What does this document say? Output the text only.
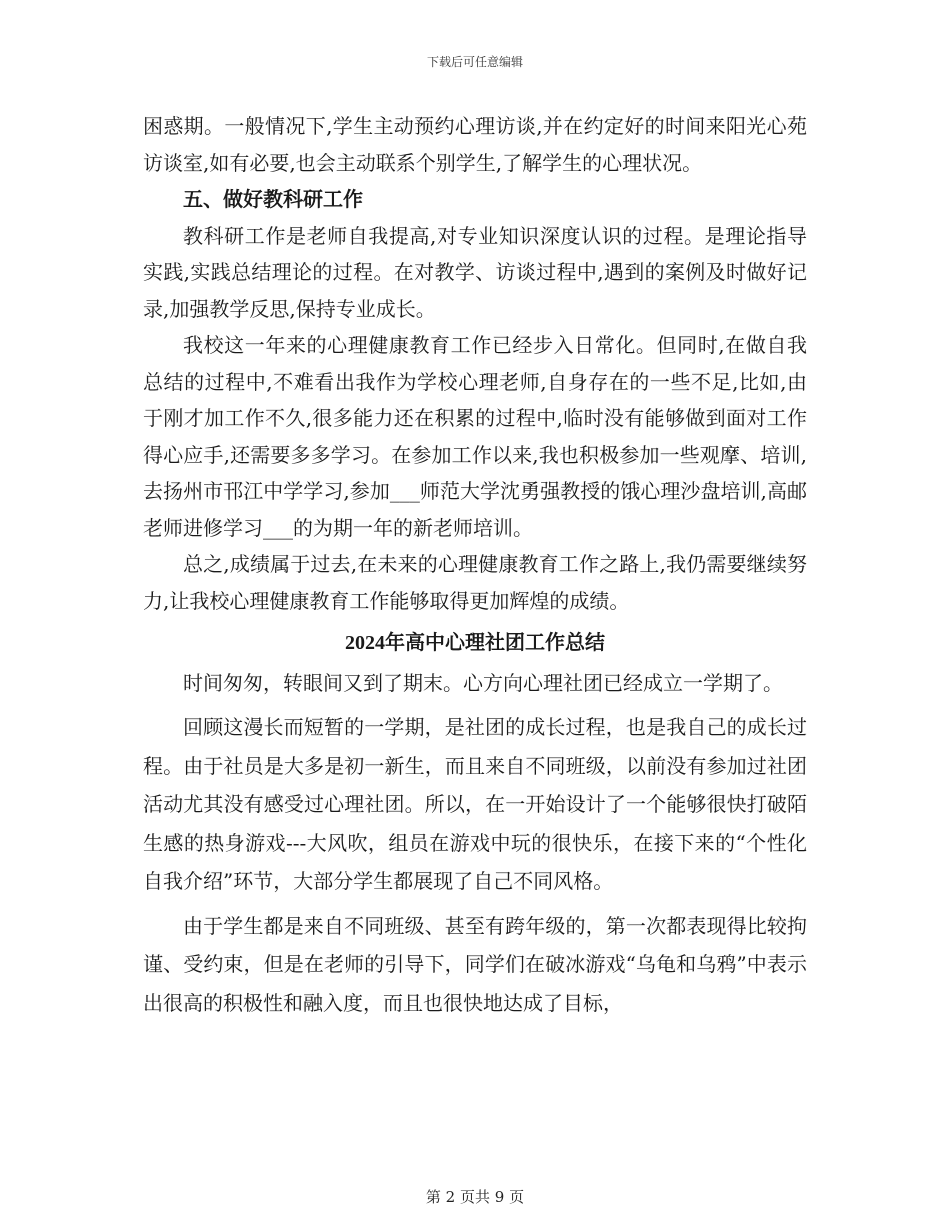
下载后可任意编辑

困惑期。一般情况下,学生主动预约心理访谈,并在约定好的时间来阳光心苑访谈室,如有必要,也会主动联系个别学生,了解学生的心理状况。

五、做好教科研工作

教科研工作是老师自我提高,对专业知识深度认识的过程。是理论指导实践,实践总结理论的过程。在对教学、访谈过程中,遇到的案例及时做好记录,加强教学反思,保持专业成长。

我校这一年来的心理健康教育工作已经步入日常化。但同时,在做自我总结的过程中,不难看出我作为学校心理老师,自身存在的一些不足,比如,由于刚才加工作不久,很多能力还在积累的过程中,临时没有能够做到面对工作得心应手,还需要多多学习。在参加工作以来,我也积极参加一些观摩、培训,去扬州市邗江中学学习,参加___师范大学沈勇强教授的饿心理沙盘培训,高邮老师进修学习___的为期一年的新老师培训。

总之,成绩属于过去,在未来的心理健康教育工作之路上,我仍需要继续努力,让我校心理健康教育工作能够取得更加辉煌的成绩。

2024年高中心理社团工作总结

时间匆匆，转眼间又到了期末。心方向心理社团已经成立一学期了。

回顾这漫长而短暂的一学期，是社团的成长过程，也是我自己的成长过程。由于社员是大多是初一新生，而且来自不同班级，以前没有参加过社团活动尤其没有感受过心理社团。所以，在一开始设计了一个能够很快打破陌生感的热身游戏---大风吹，组员在游戏中玩的很快乐，在接下来的“个性化自我介绍”环节，大部分学生都展现了自己不同风格。

由于学生都是来自不同班级、甚至有跨年级的，第一次都表现得比较拘谨、受约束，但是在老师的引导下，同学们在破冰游戏“乌龟和乌鸦”中表示出很高的积极性和融入度，而且也很快地达成了目标，

第 2 页共 9 页
